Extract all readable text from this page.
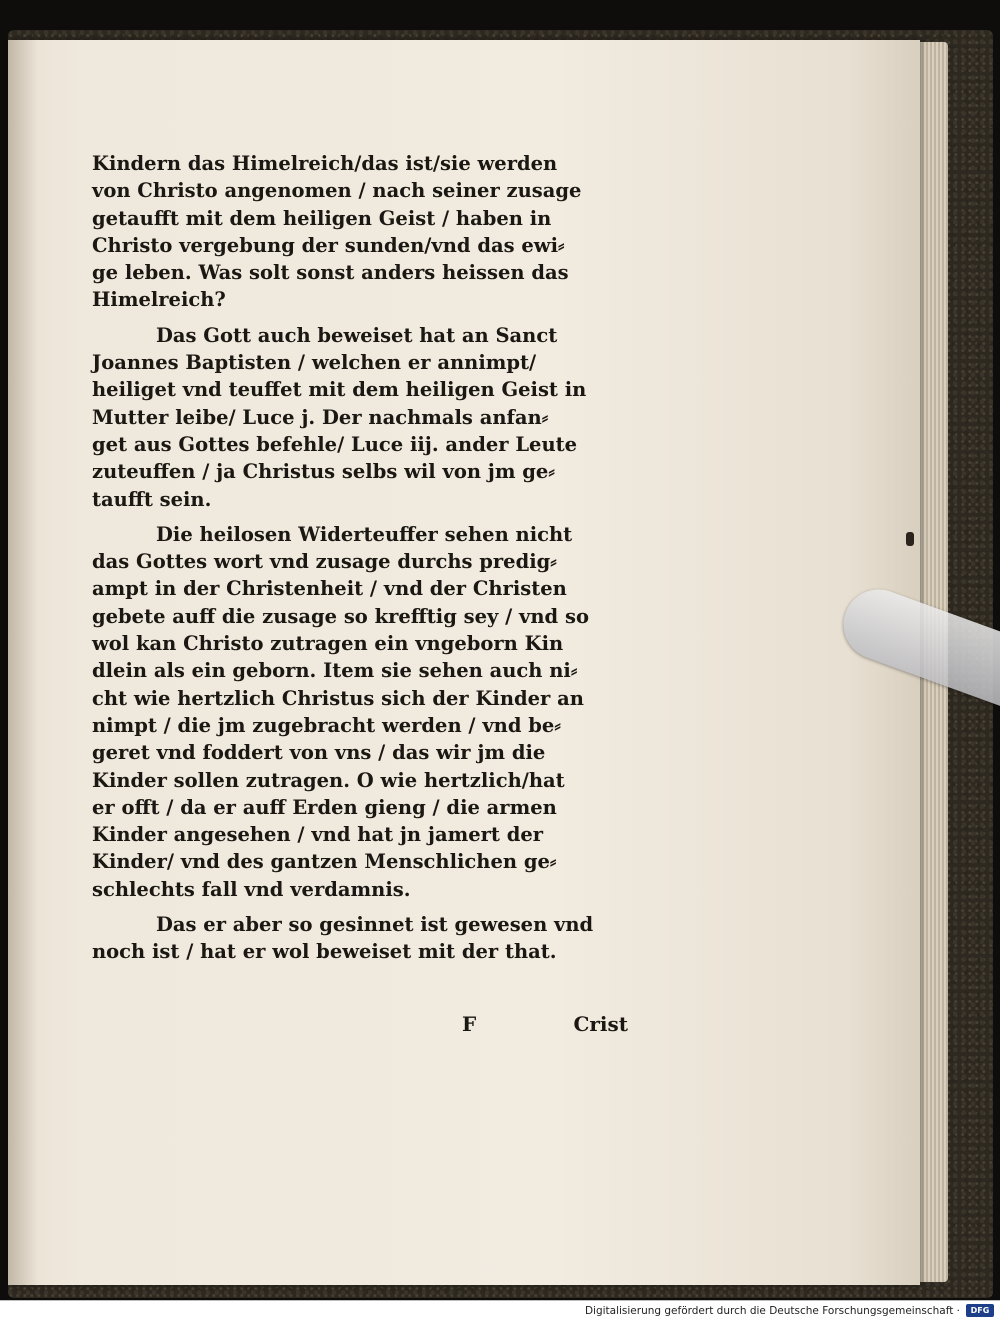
Kindern das Himelreich/das ist/sie werden
von Christo angenomen / nach seiner zusage
getaufft mit dem heiligen Geist / haben in
Christo vergebung der sunden/vnd das ewi⸗
ge leben. Was solt sonst anders heissen das
Himelreich?
Das Gott auch beweiset hat an Sanct
Joannes Baptisten / welchen er annimpt/
heiliget vnd teuffet mit dem heiligen Geist in
Mutter leibe/ Luce j. Der nachmals anfan⸗
get aus Gottes befehle/ Luce iij. ander Leute
zuteuffen / ja Christus selbs wil von jm ge⸗
taufft sein.
Die heilosen Widerteuffer sehen nicht
das Gottes wort vnd zusage durchs predig⸗
ampt in der Christenheit / vnd der Christen
gebete auff die zusage so krefftig sey / vnd so
wol kan Christo zutragen ein vngeborn Kin
dlein als ein geborn. Item sie sehen auch ni⸗
cht wie hertzlich Christus sich der Kinder an
nimpt / die jm zugebracht werden / vnd be⸗
geret vnd foddert von vns / das wir jm die
Kinder sollen zutragen. O wie hertzlich/hat
er offt / da er auff Erden gieng / die armen
Kinder angesehen / vnd hat jn jamert der
Kinder/ vnd des gantzen Menschlichen ge⸗
schlechts fall vnd verdamnis.
Das er aber so gesinnet ist gewesen vnd
noch ist / hat er wol beweiset mit der that.
F	Crist
Digitalisierung gefördert durch die Deutsche Forschungsgemeinschaft ·	DFG
